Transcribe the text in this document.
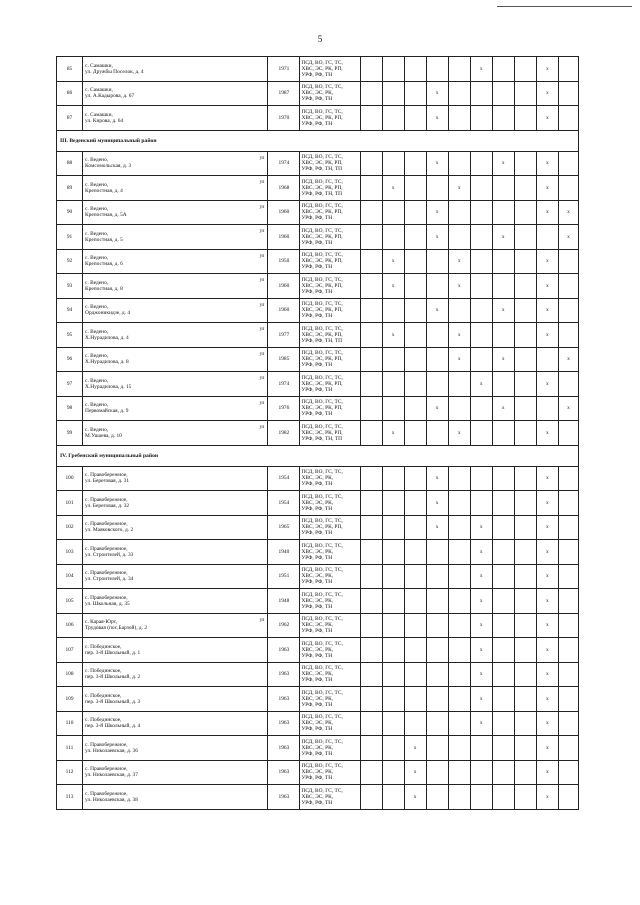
5
85	с. Самашки,
ул. Дружбы Поселок, д. 4	1971	ПСД, ВО, ГС, ТС,
ХВС, ЭС, РК, РП,
УРФ, РФ, ТН						x			x	
86	с. Самашки,
ул. А.Кадырова, д. 67	1987	ПСД, ВО, ГС, ТС,
ХВС, ЭС, РК,
УРФ, РФ, ТН				x					x	
87	с. Самашки,
ул. Кирова, д. 64	1970	ПСД, ВО, ГС, ТС,
ХВС, ЭС, РК, РП,
УРФ, РФ, ТН				x					x	
III. Веденский муниципальный район													
88	с. Ведено,
Комсомольская, д. 3
ул	1974	ПСД, ВО, ГС, ТС,
ХВС, ЭС, РК, РП,
УРФ, РФ, ТН, ТП				x			x		x	
89	с. Ведено,
Крепостная, д. 4
ул	1968	ПСД, ВО, ГС, ТС,
ХВС, ЭС, РК, РП,
УРФ, РФ, ТН, ТП		x			x				x	
90	с. Ведено,
Крепостная, д. 5А
ул	1960	ПСД, ВО, ГС, ТС,
ХВС, ЭС, РК, РП,
УРФ, РФ, ТН				x					x	x
91	с. Ведено,
Крепостная, д. 5
ул	1960	ПСД, ВО, ГС, ТС,
ХВС, ЭС, РК, РП,
УРФ, РФ, ТН				x			x			x
92	с. Ведено,
Крепостная, д. 6
ул	1950	ПСД, ВО, ГС, ТС,
ХВС, ЭС, РК, РП,
УРФ, РФ, ТН		x			x				x	
93	с. Ведено,
Крепостная, д. 8
ул	1960	ПСД, ВО, ГС, ТС,
ХВС, ЭС, РК, РП,
УРФ, РФ, ТН		x			x				x	
94	с. Ведено,
Орджоникидзе, д. 4
ул	1960	ПСД, ВО, ГС, ТС,
ХВС, ЭС, РК, РП,
УРФ, РФ, ТН				x			x		x	
95	с. Ведено,
Х.Нурадилова, д. 4
ул	1977	ПСД, ВО, ГС, ТС,
ХВС, ЭС, РК, РП,
УРФ, РФ, ТН, ТП		x			x				x	
96	с. Ведено,
Х.Нурадилова, д. 8
ул	1985	ПСД, ВО, ГС, ТС,
ХВС, ЭС, РК, РП,
УРФ, РФ, ТН					x		x			x
97	с. Ведено,
Х.Нурадилова, д. 15
ул	1974	ПСД, ВО, ГС, ТС,
ХВС, ЭС, РК, РП,
УРФ, РФ, ТН						x			x	
98	с. Ведено,
Первомайская, д. 9
ул	1976	ПСД, ВО, ГС, ТС,
ХВС, ЭС, РК, РП,
УРФ, РФ, ТН				x			x			x
99	с. Ведено,
М.Ушаева, д. 10
ул	1982	ПСД, ВО, ГС, ТС,
ХВС, ЭС, РК, РП,
УРФ, РФ, ТН, ТП		x			x				x	
IV. Гребенский муниципальный район													
100	с. Правобережное,
ул. Береговая, д. 31	1954	ПСД, ВО, ГС, ТС,
ХВС, ЭС, РК,
УРФ, РФ, ТН				x					x	
101	с. Правобережное,
ул. Береговая, д. 32	1954	ПСД, ВО, ГС, ТС,
ХВС, ЭС, РК,
УРФ, РФ, ТН				x					x	
102	с. Правобережное,
ул. Маяковского, д. 2	1965	ПСД, ВО, ГС, ТС,
ХВС, ЭС, РК, РП,
УРФ, РФ, ТН				x		x			x	
103	с. Правобережное,
ул. Строителей, д. 33	1940	ПСД, ВО, ГС, ТС,
ХВС, ЭС, РК,
УРФ, РФ, ТН						x			x	
104	с. Правобережное,
ул. Строителей, д. 34	1951	ПСД, ВО, ГС, ТС,
ХВС, ЭС, РК,
УРФ, РФ, ТН						x			x	
105	с. Правобережное,
ул. Школьная, д. 35	1948	ПСД, ВО, ГС, ТС,
ХВС, ЭС, РК,
УРФ, РФ, ТН						x			x	
106	с. Карая-Юрт,
Трудовая (пос.Барзой), д. 2
ул	1962	ПСД, ВО, ГС, ТС,
ХВС, ЭС, РК,
УРФ, РФ, ТН						x			x	
107	с. Побединское,
пер. 3-й Школьный, д. 1	1963	ПСД, ВО, ГС, ТС,
ХВС, ЭС, РК,
УРФ, РФ, ТН						x			x	
108	с. Побединское,
пер. 3-й Школьный, д. 2	1963	ПСД, ВО, ГС, ТС,
ХВС, ЭС, РК,
УРФ, РФ, ТН						x			x	
109	с. Побединское,
пер. 3-й Школьный, д. 3	1963	ПСД, ВО, ГС, ТС,
ХВС, ЭС, РК,
УРФ, РФ, ТН						x			x	
110	с. Побединское,
пер. 3-й Школьный, д. 4	1963	ПСД, ВО, ГС, ТС,
ХВС, ЭС, РК,
УРФ, РФ, ТН						x			x	
111	с. Правобережное,
ул. Николаевская, д. 36	1963	ПСД, ВО, ГС, ТС,
ХВС, ЭС, РК,
УРФ, РФ, ТН			x						x	
112	с. Правобережное,
ул. Николаевская, д. 37	1963	ПСД, ВО, ГС, ТС,
ХВС, ЭС, РК,
УРФ, РФ, ТН			x						x	
113	с. Правобережное,
ул. Николаевская, д. 38	1963	ПСД, ВО, ГС, ТС,
ХВС, ЭС, РК,
УРФ, РФ, ТН			x						x	
